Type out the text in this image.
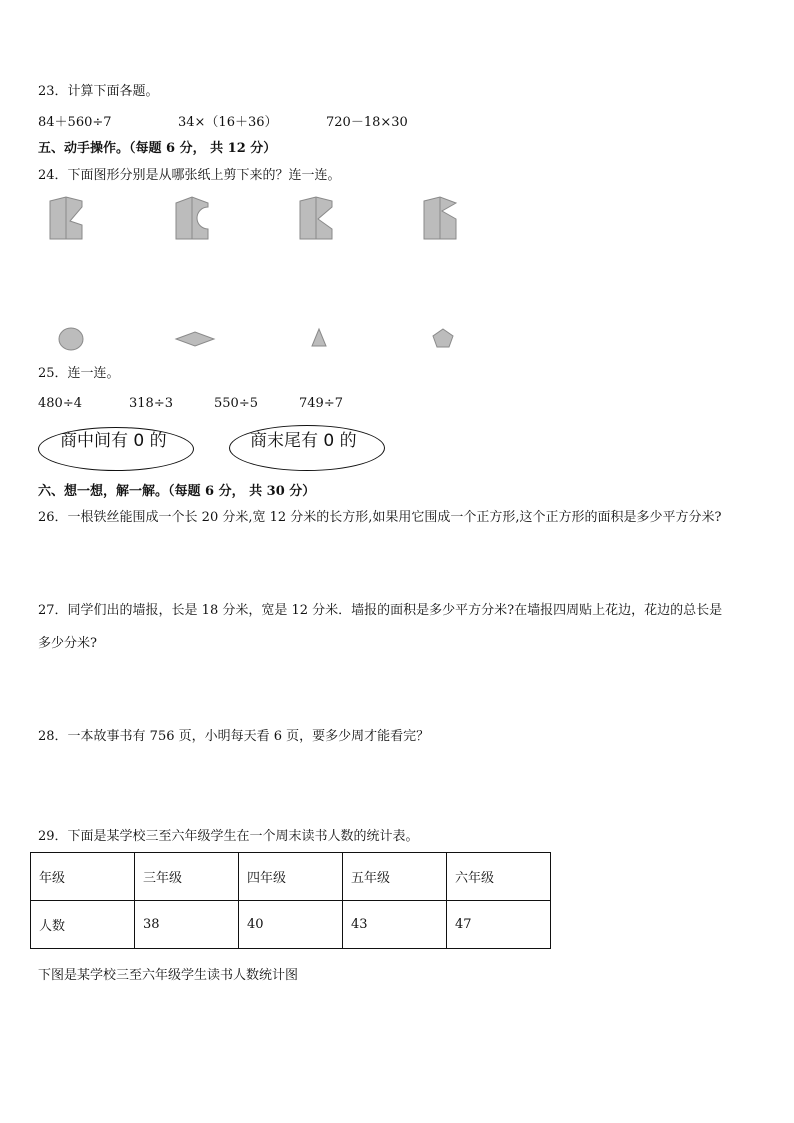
23．计算下面各题。
84＋560÷7	34×（16＋36）	720－18×30
五、动手操作。（每题 6 分， 共 12 分）
24．下面图形分别是从哪张纸上剪下来的？连一连。
25．连一连。
480÷4	318÷3	550÷5	749÷7
商中间有 0 的	商末尾有 0 的
六、想一想，解一解。（每题 6 分， 共 30 分）
26．一根铁丝能围成一个长 20 分米,宽 12 分米的长方形,如果用它围成一个正方形,这个正方形的面积是多少平方分米?
27．同学们出的墙报，长是 18 分米，宽是 12 分米．墙报的面积是多少平方分米?在墙报四周贴上花边，花边的总长是
多少分米?
28．一本故事书有 756 页，小明每天看 6 页，要多少周才能看完？
29．下面是某学校三至六年级学生在一个周末读书人数的统计表。
年级	三年级	四年级	五年级	六年级
人数	38	40	43	47
下图是某学校三至六年级学生读书人数统计图
